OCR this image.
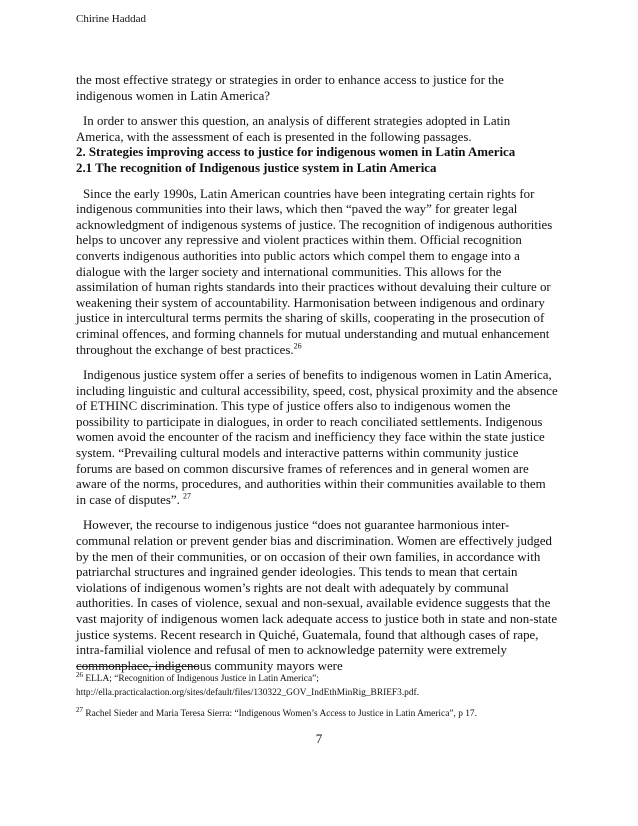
Chirine Haddad

the most effective strategy or strategies in order to enhance access to justice for the indigenous women in Latin America?

In order to answer this question, an analysis of different strategies adopted in Latin America, with the assessment of each is presented in the following passages.

2. Strategies improving access to justice for indigenous women in Latin America

2.1 The recognition of Indigenous justice system in Latin America

Since the early 1990s, Latin American countries have been integrating certain rights for indigenous communities into their laws, which then “paved the way” for greater legal acknowledgment of indigenous systems of justice. The recognition of indigenous authorities helps to uncover any repressive and violent practices within them. Official recognition converts indigenous authorities into public actors which compel them to engage into a dialogue with the larger society and international communities. This allows for the assimilation of human rights standards into their practices without devaluing their culture or weakening their system of accountability. Harmonisation between indigenous and ordinary justice in intercultural terms permits the sharing of skills, cooperating in the prosecution of criminal offences, and forming channels for mutual understanding and mutual enhancement throughout the exchange of best practices.$^{26}$

Indigenous justice system offer a series of benefits to indigenous women in Latin America, including linguistic and cultural accessibility, speed, cost, physical proximity and the absence of ETHINC discrimination. This type of justice offers also to indigenous women the possibility to participate in dialogues, in order to reach conciliated settlements. Indigenous women avoid the encounter of the racism and inefficiency they face within the state justice system. “Prevailing cultural models and interactive patterns within community justice forums are based on common discursive frames of references and in general women are aware of the norms, procedures, and authorities within their communities available to them in case of disputes”. $^{27}$

However, the recourse to indigenous justice “does not guarantee harmonious inter-communal relation or prevent gender bias and discrimination. Women are effectively judged by the men of their communities, or on occasion of their own families, in accordance with patriarchal structures and ingrained gender ideologies. This tends to mean that certain violations of indigenous women’s rights are not dealt with adequately by communal authorities. In cases of violence, sexual and non-sexual, available evidence suggests that the vast majority of indigenous women lack adequate access to justice both in state and non-state justice systems. Recent research in Quiché, Guatemala, found that although cases of rape, intra-familial violence and refusal of men to acknowledge paternity were extremely commonplace, indigenous community mayors were

$^{26}$ ELLA; “Recognition of Indigenous Justice in Latin America”;

http://ella.practicalaction.org/sites/default/files/130322_GOV_IndEthMinRig_BRIEF3.pdf.

$^{27}$ Rachel Sieder and Maria Teresa Sierra: “Indigenous Women’s Access to Justice in Latin America”, p 17.

7
